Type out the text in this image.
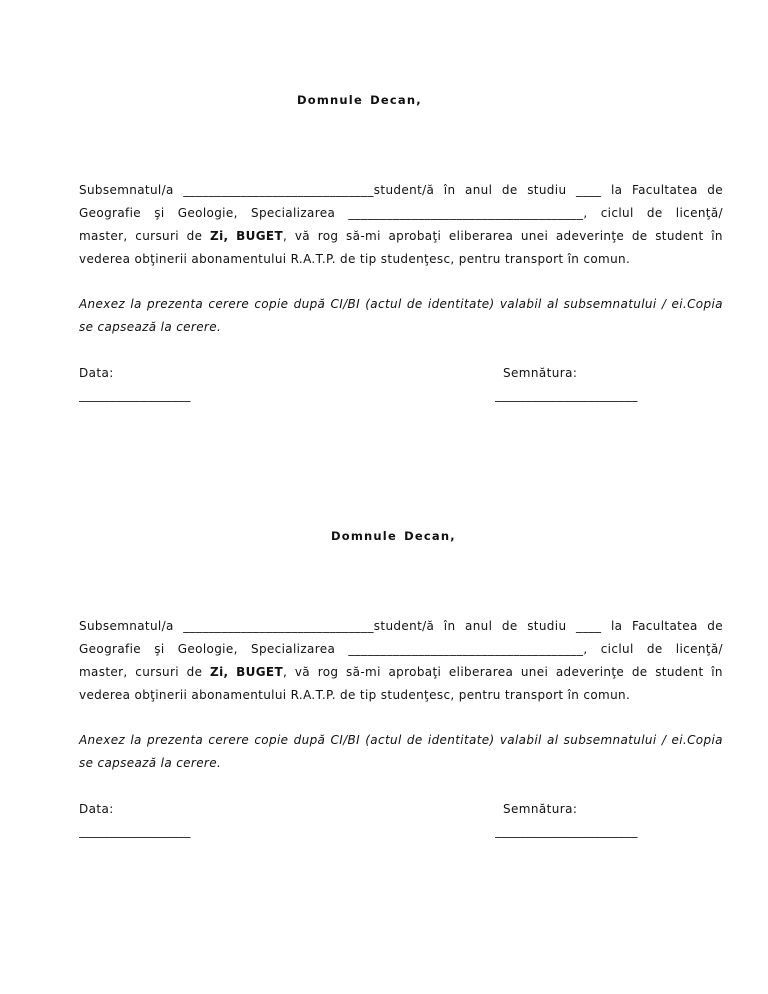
Domnule Decan,
Subsemnatul/a ______________________________student/ă în anul de studiu ____ la Facultatea de
Geografie şi Geologie, Specializarea _____________________________________, ciclul de licenţă/
master, cursuri de Zi, BUGET, vă rog să-mi aprobaţi eliberarea unei adeverinţe de student în
vederea obţinerii abonamentului R.A.T.P. de tip studenţesc, pentru transport în comun.
Anexez la prezenta cerere copie după CI/BI (actul de identitate) valabil al subsemnatului / ei.Copia
se capsează la cerere.
Data:	Semnătura:
__________________	_______________________
Domnule Decan,
Subsemnatul/a ______________________________student/ă în anul de studiu ____ la Facultatea de
Geografie şi Geologie, Specializarea _____________________________________, ciclul de licenţă/
master, cursuri de Zi, BUGET, vă rog să-mi aprobaţi eliberarea unei adeverinţe de student în
vederea obţinerii abonamentului R.A.T.P. de tip studenţesc, pentru transport în comun.
Anexez la prezenta cerere copie după CI/BI (actul de identitate) valabil al subsemnatului / ei.Copia
se capsează la cerere.
Data:	Semnătura:
__________________	_______________________
